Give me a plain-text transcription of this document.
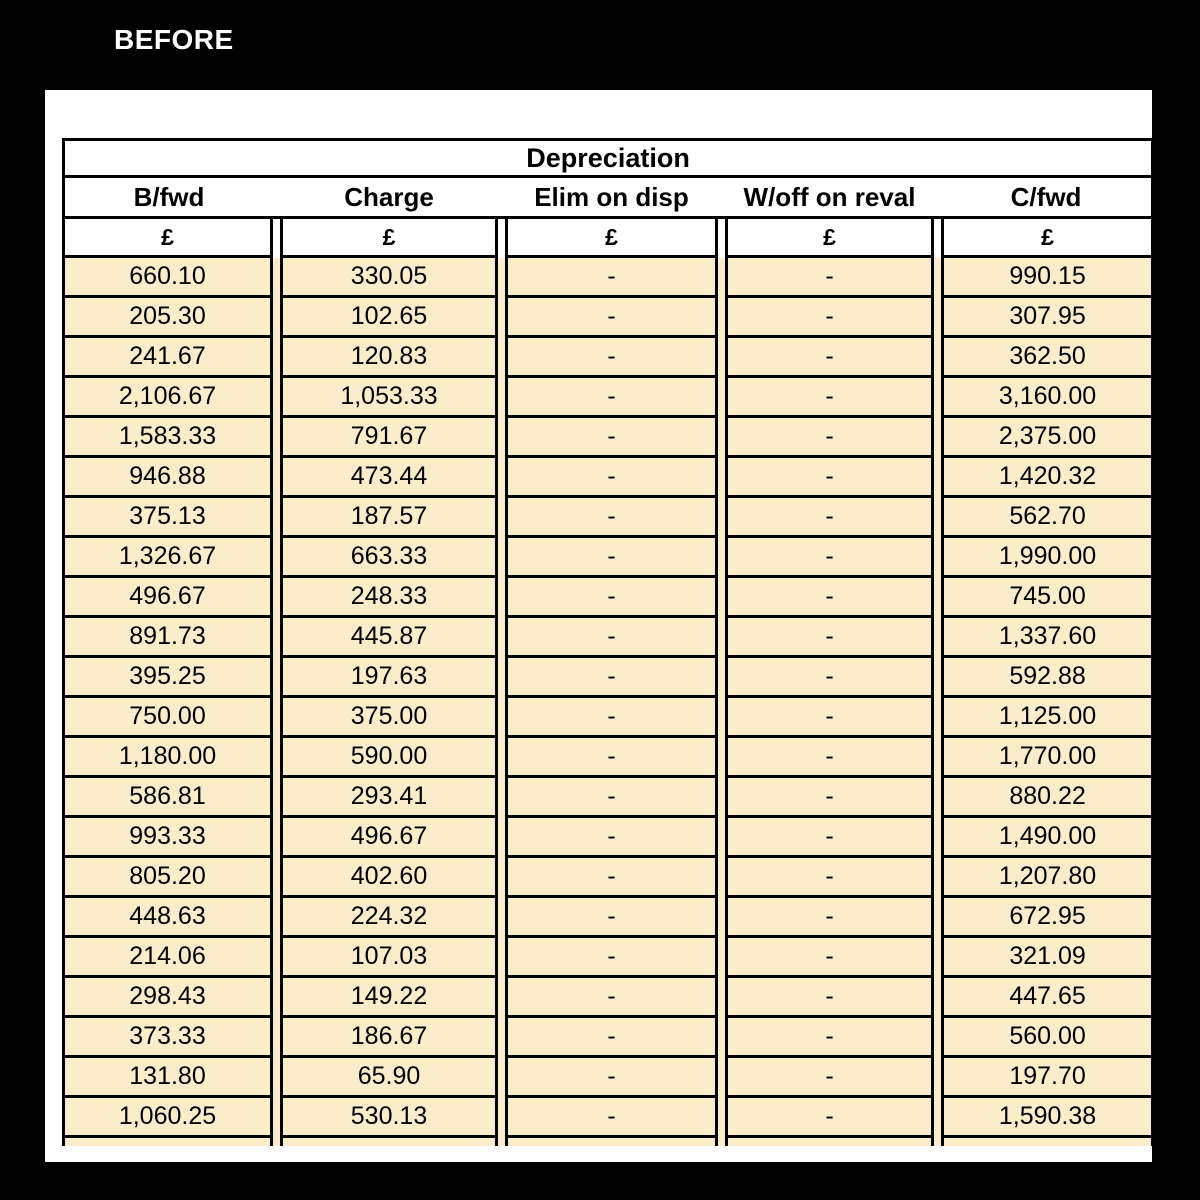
BEFORE
Depreciation								
B/fwd		Charge		Elim on disp		W/off on reval		C/fwd
£		£		£		£		£
660.10		330.05		-		-		990.15
205.30		102.65		-		-		307.95
241.67		120.83		-		-		362.50
2,106.67		1,053.33		-		-		3,160.00
1,583.33		791.67		-		-		2,375.00
946.88		473.44		-		-		1,420.32
375.13		187.57		-		-		562.70
1,326.67		663.33		-		-		1,990.00
496.67		248.33		-		-		745.00
891.73		445.87		-		-		1,337.60
395.25		197.63		-		-		592.88
750.00		375.00		-		-		1,125.00
1,180.00		590.00		-		-		1,770.00
586.81		293.41		-		-		880.22
993.33		496.67		-		-		1,490.00
805.20		402.60		-		-		1,207.80
448.63		224.32		-		-		672.95
214.06		107.03		-		-		321.09
298.43		149.22		-		-		447.65
373.33		186.67		-		-		560.00
131.80		65.90		-		-		197.70
1,060.25		530.13		-		-		1,590.38
